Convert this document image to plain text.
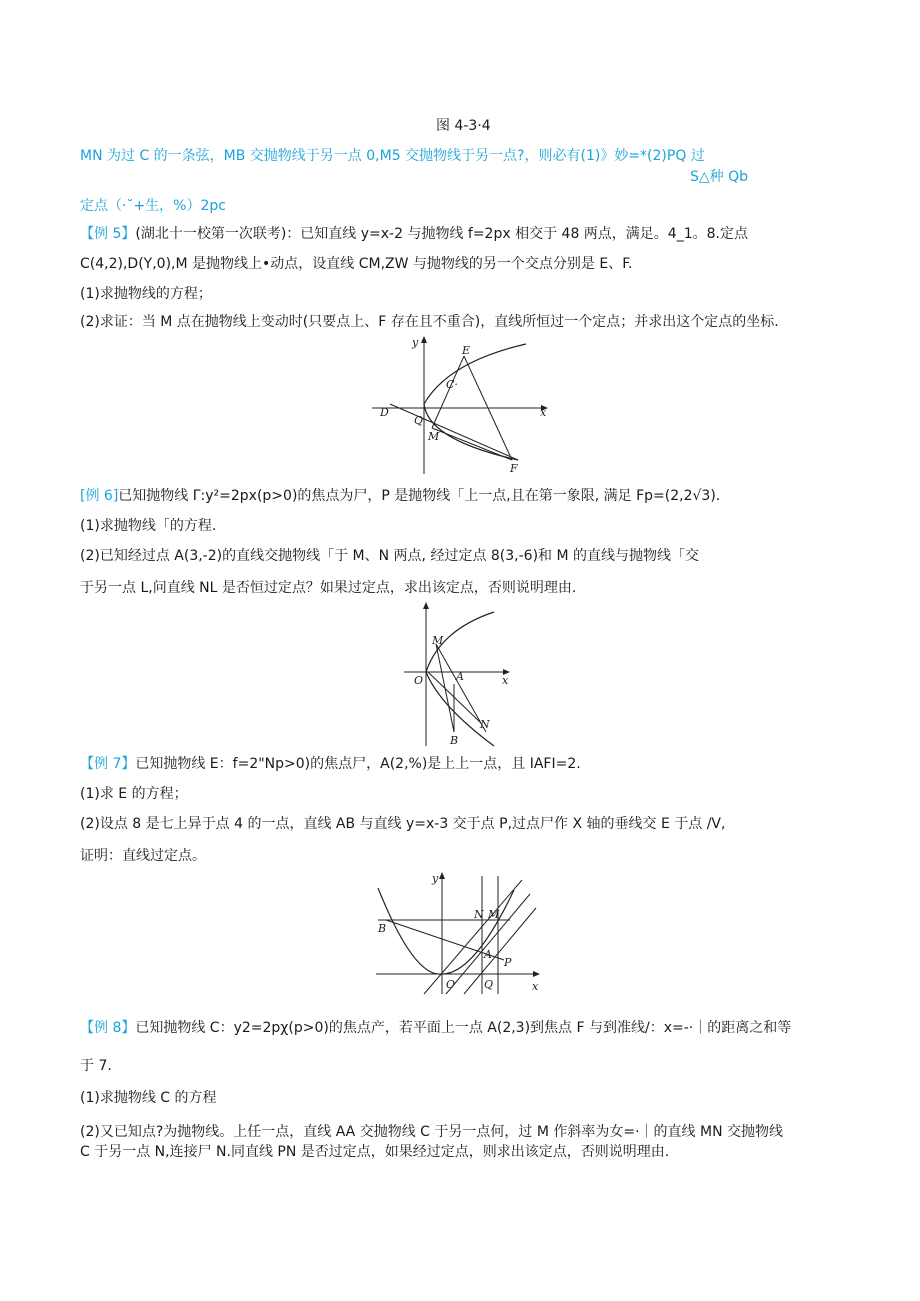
图 4-3·4
MN 为过 C 的一条弦，MB 交抛物线于另一点 0,M5 交抛物线于另一点?，则必有(1)》妙=*(2)PQ 过
S△种 Qb
定点（·˘+生，%）2pc
【例 5】(湖北十一校第一次联考)：已知直线 y=x-2 与抛物线 f=2px 相交于 48 两点，满足。4_1。8.定点
C(4,2),D(Y,0),M 是抛物线上•动点，设直线 CM,ZW 与抛物线的另一个交点分别是 E、F.
(1)求抛物线的方程；
(2)求证：当 M 点在抛物线上变动时(只要点上、F 存在且不重合)，直线所恒过一个定点；并求出这个定点的坐标.
y
x
E
C·
D
Q
M
F
[例 6]已知抛物线 Γ:y²=2px(p>0)的焦点为尸，P 是抛物线「上一点,且在第一象限, 满足 Fp=(2,2√3).
(1)求抛物线「的方程.
(2)已知经过点 A(3,-2)的直线交抛物线「于 M、N 两点, 经过定点 8(3,-6)和 M 的直线与抛物线「交
于另一点 L,问直线 NL 是否恒过定点？如果过定点，求出该定点，否则说明理由.
M
O	A	x
B
N
【例 7】已知抛物线 E：f=2"Np>0)的焦点尸，A(2,%)是上上一点，且 IAFI=2.
(1)求 E 的方程；
(2)设点 8 是七上异于点 4 的一点，直线 AB 与直线 y=x-3 交于点 P,过点尸作 X 轴的垂线交 E 于点 /V,
证明：直线过定点。
y
N M
B
A
P
O	Q	x
【例 8】已知抛物线 C：y2=2pχ(p>0)的焦点产，若平面上一点 A(2,3)到焦点 F 与到准线/：x=-·｜的距离之和等
于 7.
(1)求抛物线 C 的方程
(2)又已知点?为抛物线。上任一点，直线 AA 交抛物线 C 于另一点何，过 M 作斜率为女=·｜的直线 MN 交抛物线
C 于另一点 N,连接尸 N.同直线 PN 是否过定点，如果经过定点，则求出该定点，否则说明理由.
